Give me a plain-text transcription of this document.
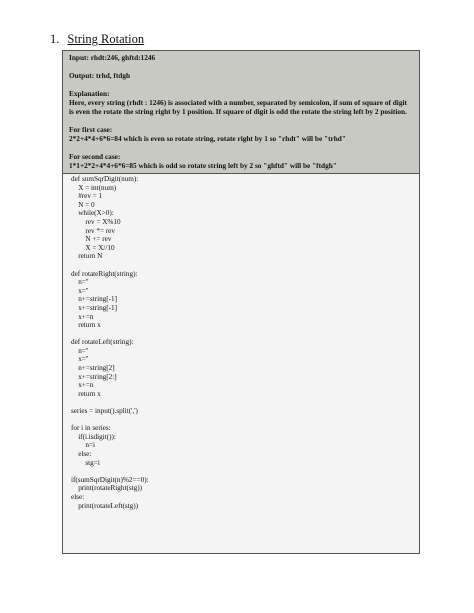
1. String Rotation

Input: rhdt:246, ghftd:1246

Output: trhd, ftdgh

Explanation:

Here, every string (rhdt : 1246) is associated with a number, separated by semicolon, if sum of square of digit is even the rotate the string right by 1 position. If square of digit is odd the rotate the string left by 2 position.

For first case:

2*2+4*4+6*6=84 which is even so rotate string, rotate right by 1 so "rhdt" will be "trhd"

For second case:

1*1+2*2+4*4+6*6=85 which is odd so rotate string left by 2 so "ghftd" will be "ftdgh"

def sumSqrDigit(num):
X = int(num)
#rev = 1
N = 0
while(X>0):
rev = X%10
rev *= rev
N += rev
X = X//10
return N

def rotateRight(string):
n=''
x=''
n+=string[-1]
x+=string[-1]
x+=n
return x

def rotateLeft(string):
n=''
x=''
n+=string[2]
x+=string[2:]
x+=n
return x

series = input().split(',')

for i in series:
if(i.isdigit()):
n=i
else:
stg=i

if(sumSqrDigit(n)%2==0):
print(rotateRight(stg))
else:
print(rotateLeft(stg))
